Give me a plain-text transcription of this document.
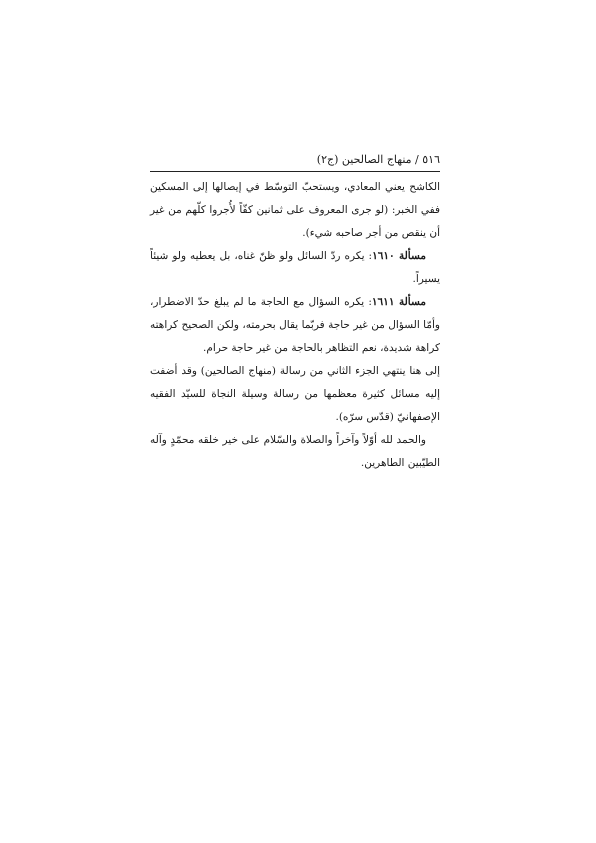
٥١٦ / منهاج الصالحين (ج٢)

الكاشح يعني المعادي، ويستحبّ التوسّط في إيصالها إلى المسكين ففي الخبر: (لو جرى المعروف على ثمانين كفّاً لأُجروا كلّهم من غير أن ينقص من أجر صاحبه شيء).

مسألة ١٦١٠: يكره ردّ السائل ولو ظنّ غناه، بل يعطيه ولو شيئاً يسيراً.

مسألة ١٦١١: يكره السؤال مع الحاجة ما لم يبلغ حدّ الاضطرار، وأمّا السؤال من غير حاجة فربّما يقال بحرمته، ولكن الصحيح كراهته كراهة شديدة، نعم التظاهر بالحاجة من غير حاجة حرام.

إلى هنا ينتهي الجزء الثاني من رسالة (منهاج الصالحين) وقد أضفت إليه مسائل كثيرة معظمها من رسالة وسيلة النجاة للسيّد الفقيه الإصفهانيّ (قدّس سرّه).

والحمد لله أوّلاً وآخراً والصلاة والسّلام على خير خلقه محمّدٍ وآله الطيّبين الطاهرين.
